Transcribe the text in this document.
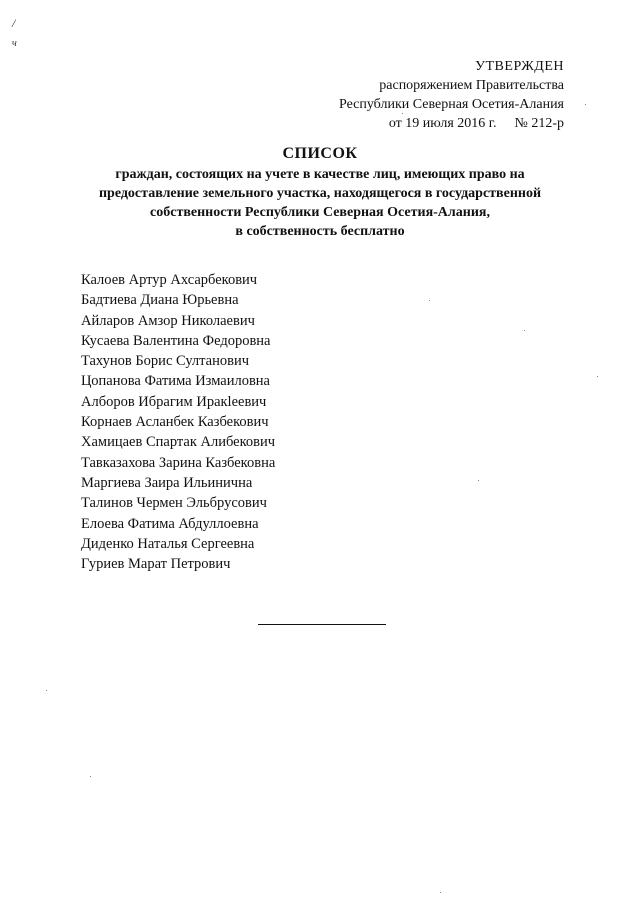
/
ч
УТВЕРЖДЕН
распоряжением Правительства
Республики Северная Осетия-Алания
от 19 июля 2016 г. № 212-р
СПИСОК
граждан, состоящих на учете в качестве лиц, имеющих право на
предоставление земельного участка, находящегося в государственной
собственности Республики Северная Осетия-Алания,
в собственность бесплатно
Калоев Артур Ахсарбекович
Бадтиева Диана Юрьевна
Айларов Амзор Николаевич
Кусаева Валентина Федоровна
Тахунов Борис Султанович
Цопанова Фатима Измаиловна
Алборов Ибрагим Иракleевич
Корнаев Асланбек Казбекович
Хамицаев Спартак Алибекович
Тавказахова Зарина Казбековна
Маргиева Заира Ильинична
Талинов Чермен Эльбрусович
Елоева Фатима Абдуллоевна
Диденко Наталья Сергеевна
Гуриев Марат Петрович
